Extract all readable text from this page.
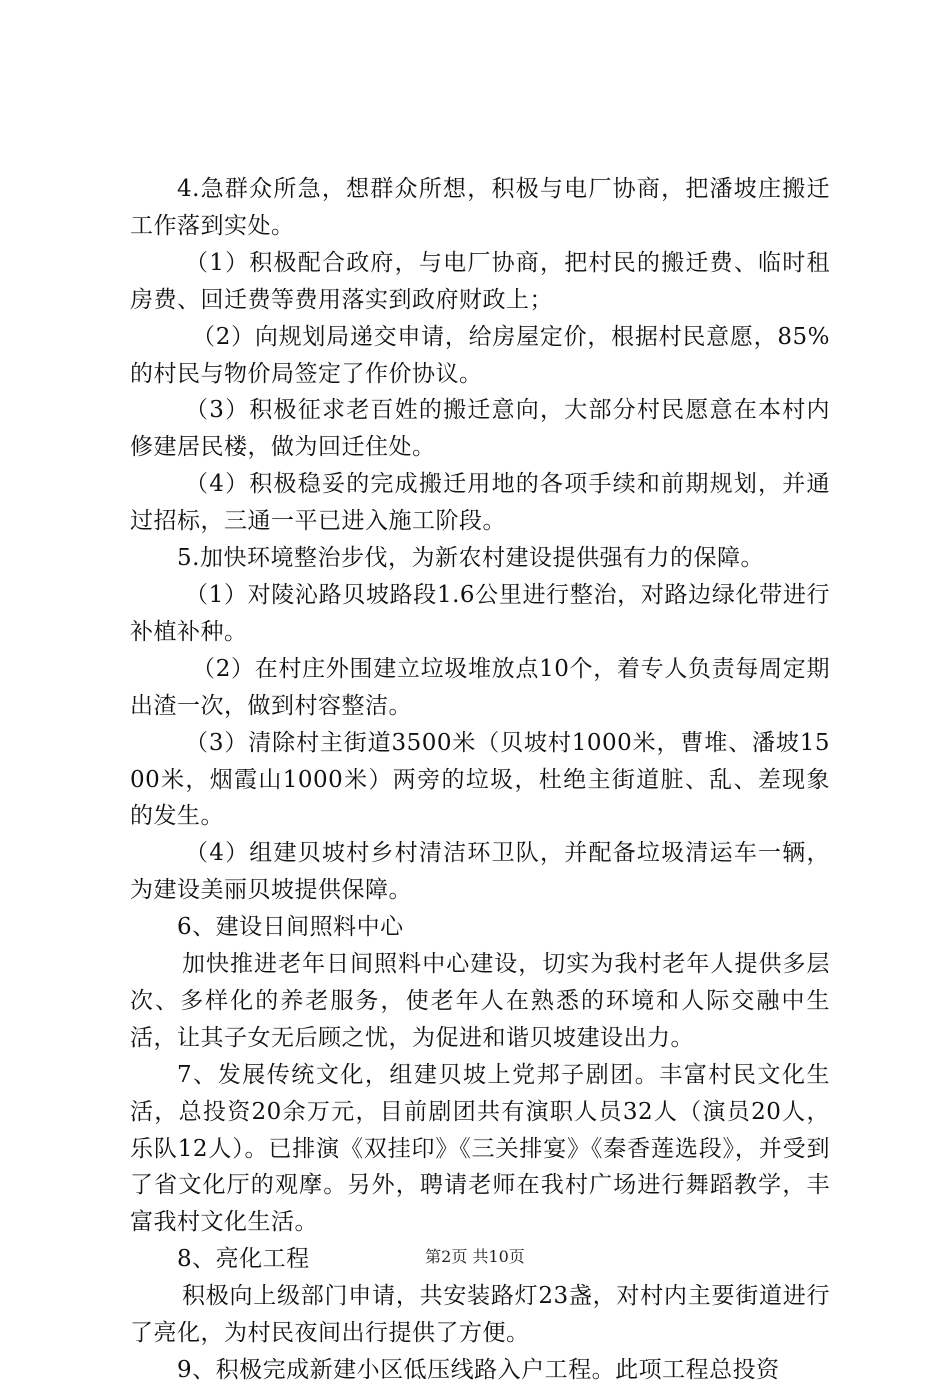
4.急群众所急，想群众所想，积极与电厂协商，把潘坡庄搬迁工作落到实处。

（1）积极配合政府，与电厂协商，把村民的搬迁费、临时租房费、回迁费等费用落实到政府财政上；

（2）向规划局递交申请，给房屋定价，根据村民意愿，85%的村民与物价局签定了作价协议。

（3）积极征求老百姓的搬迁意向，大部分村民愿意在本村内修建居民楼，做为回迁住处。

（4）积极稳妥的完成搬迁用地的各项手续和前期规划，并通过招标，三通一平已进入施工阶段。

5.加快环境整治步伐，为新农村建设提供强有力的保障。

（1）对陵沁路贝坡路段1.6公里进行整治，对路边绿化带进行补植补种。

（2）在村庄外围建立垃圾堆放点10个，着专人负责每周定期出渣一次，做到村容整洁。

（3）清除村主街道3500米（贝坡村1000米，曹堆、潘坡1500米，烟霞山1000米）两旁的垃圾，杜绝主街道脏、乱、差现象的发生。

（4）组建贝坡村乡村清洁环卫队，并配备垃圾清运车一辆，为建设美丽贝坡提供保障。

6、建设日间照料中心

加快推进老年日间照料中心建设，切实为我村老年人提供多层次、多样化的养老服务，使老年人在熟悉的环境和人际交融中生活，让其子女无后顾之忧，为促进和谐贝坡建设出力。

7、发展传统文化，组建贝坡上党邦子剧团。丰富村民文化生活，总投资20余万元，目前剧团共有演职人员32人（演员20人，乐队12人）。已排演《双挂印》《三关排宴》《秦香莲选段》，并受到了省文化厅的观摩。另外，聘请老师在我村广场进行舞蹈教学，丰富我村文化生活。

8、亮化工程

积极向上级部门申请，共安装路灯23盏，对村内主要街道进行了亮化，为村民夜间出行提供了方便。

9、积极完成新建小区低压线路入户工程。此项工程总投资

第2页 共10页
